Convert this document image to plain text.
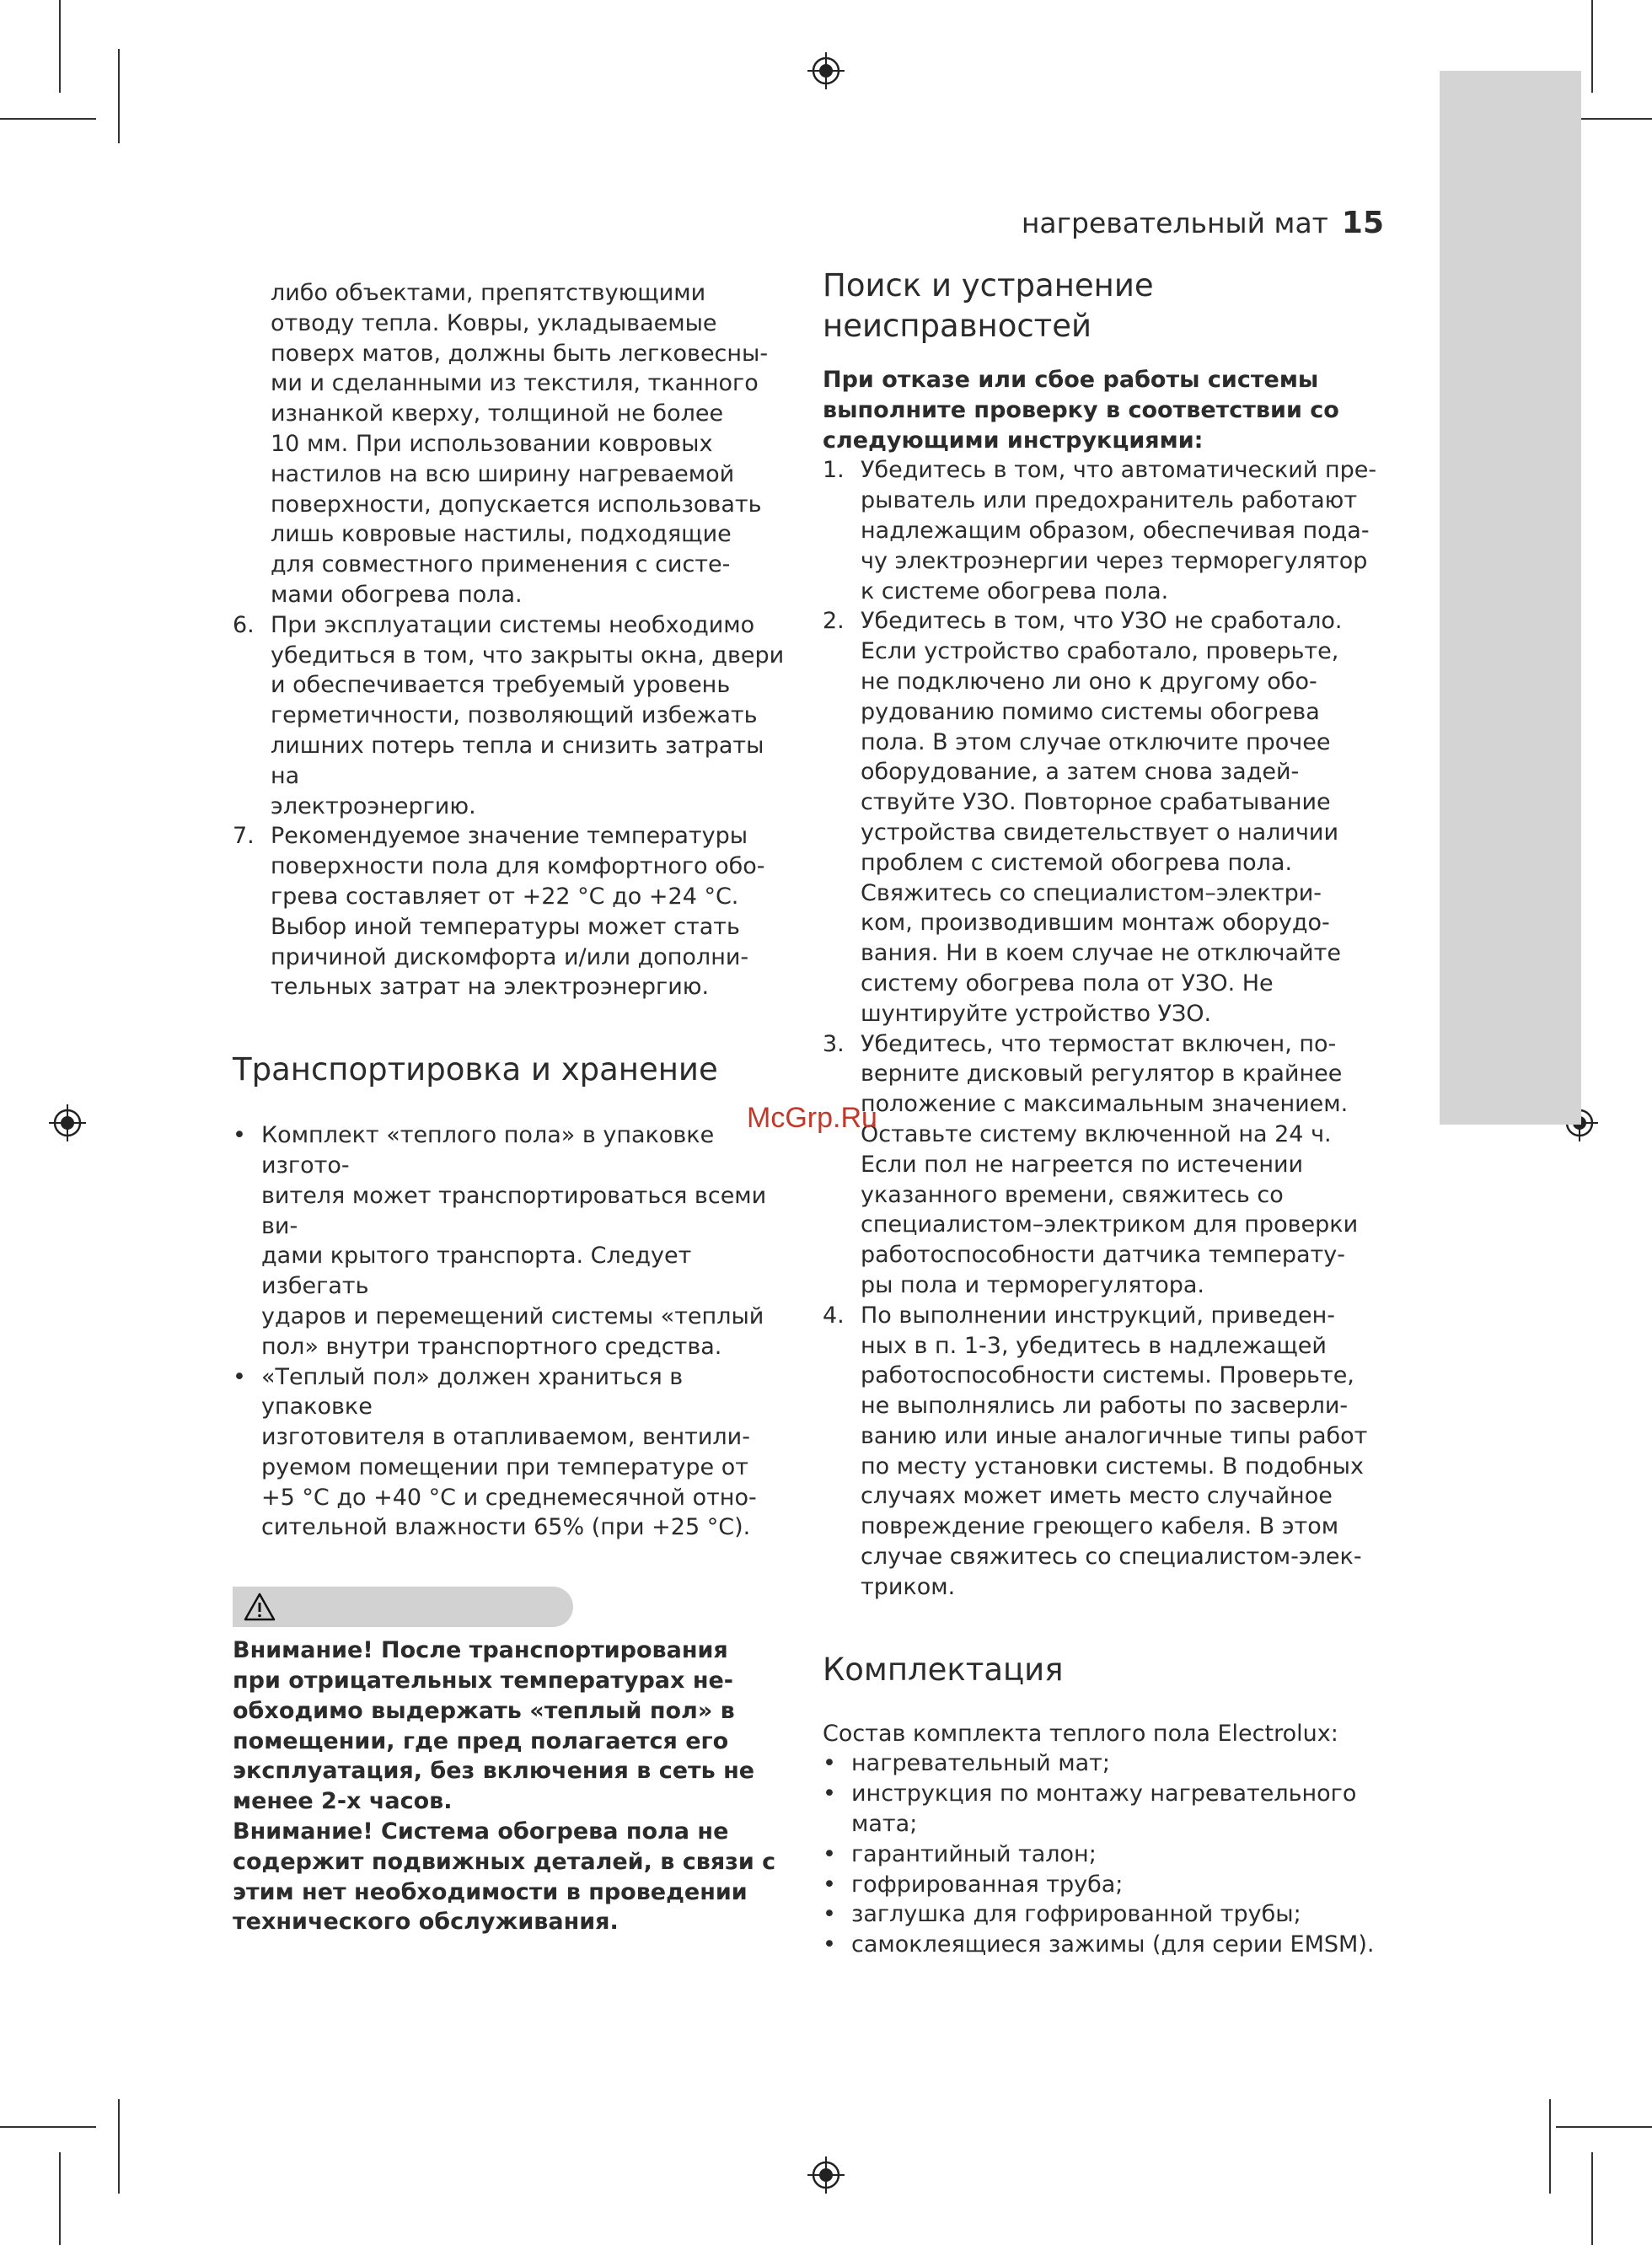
нагревательный мат 15
либо объектами, препятствующими
отводу тепла. Ковры, укладываемые
поверх матов, должны быть легковесны-
ми и сделанными из текстиля, тканного
изнанкой кверху, толщиной не более
10 мм. При использовании ковровых
настилов на всю ширину нагреваемой
поверхности, допускается использовать
лишь ковровые настилы, подходящие
для совместного применения с систе-
мами обогрева пола.
6. При эксплуатации системы необходимо
убедиться в том, что закрыты окна, двери
и обеспечивается требуемый уровень
герметичности, позволяющий избежать
лишних потерь тепла и снизить затраты на
электроэнергию.
7. Рекомендуемое значение температуры
поверхности пола для комфортного обо-
грева составляет от +22 °C до +24 °C.
Выбор иной температуры может стать
причиной дискомфорта и/или дополни-
тельных затрат на электроэнергию.
Транспортировка и хранение
• Комплект «теплого пола» в упаковке изгото-
вителя может транспортироваться всеми ви-
дами крытого транспорта. Следует избегать
ударов и перемещений системы «теплый
пол» внутри транспортного средства.
• «Теплый пол» должен храниться в упаковке
изготовителя в отапливаемом, вентили-
руемом помещении при температуре от
+5 °C до +40 °C и среднемесячной отно-
сительной влажности 65% (при +25 °C).
Внимание! После транспортирования
при отрицательных температурах не-
обходимо выдержать «теплый пол» в
помещении, где пред полагается его
эксплуатация, без включения в сеть не
менее 2-х часов.
Внимание! Система обогрева пола не
содержит подвижных деталей, в связи с
этим нет необходимости в проведении
технического обслуживания.
Поиск и устранение
неисправностей
При отказе или сбое работы системы
выполните проверку в соответствии со
следующими инструкциями:
1. Убедитесь в том, что автоматический пре-
рыватель или предохранитель работают
надлежащим образом, обеспечивая пода-
чу электроэнергии через терморегулятор
к системе обогрева пола.
2. Убедитесь в том, что УЗО не сработало.
Если устройство сработало, проверьте,
не подключено ли оно к другому обо-
рудованию помимо системы обогрева
пола. В этом случае отключите прочее
оборудование, а затем снова задей-
ствуйте УЗО. Повторное срабатывание
устройства свидетельствует о наличии
проблем с системой обогрева пола.
Свяжитесь со специалистом–электри-
ком, производившим монтаж оборудо-
вания. Ни в коем случае не отключайте
систему обогрева пола от УЗО. Не
шунтируйте устройство УЗО.
3. Убедитесь, что термостат включен, по-
верните дисковый регулятор в крайнее
положение с максимальным значением.
Оставьте систему включенной на 24 ч.
Если пол не нагреется по истечении
указанного времени, свяжитесь со
специалистом–электриком для проверки
работоспособности датчика температу-
ры пола и терморегулятора.
4. По выполнении инструкций, приведен-
ных в п. 1-3, убедитесь в надлежащей
работоспособности системы. Проверьте,
не выполнялись ли работы по засверли-
ванию или иные аналогичные типы работ
по месту установки системы. В подобных
случаях может иметь место случайное
повреждение греющего кабеля. В этом
случае свяжитесь со специалистом-элек-
триком.
Комплектация
Состав комплекта теплого пола Electrolux:
• нагревательный мат;
• инструкция по монтажу нагревательного
мата;
• гарантийный талон;
• гофрированная труба;
• заглушка для гофрированной трубы;
• самоклеящиеся зажимы (для серии EMSM).
McGrp.Ru
